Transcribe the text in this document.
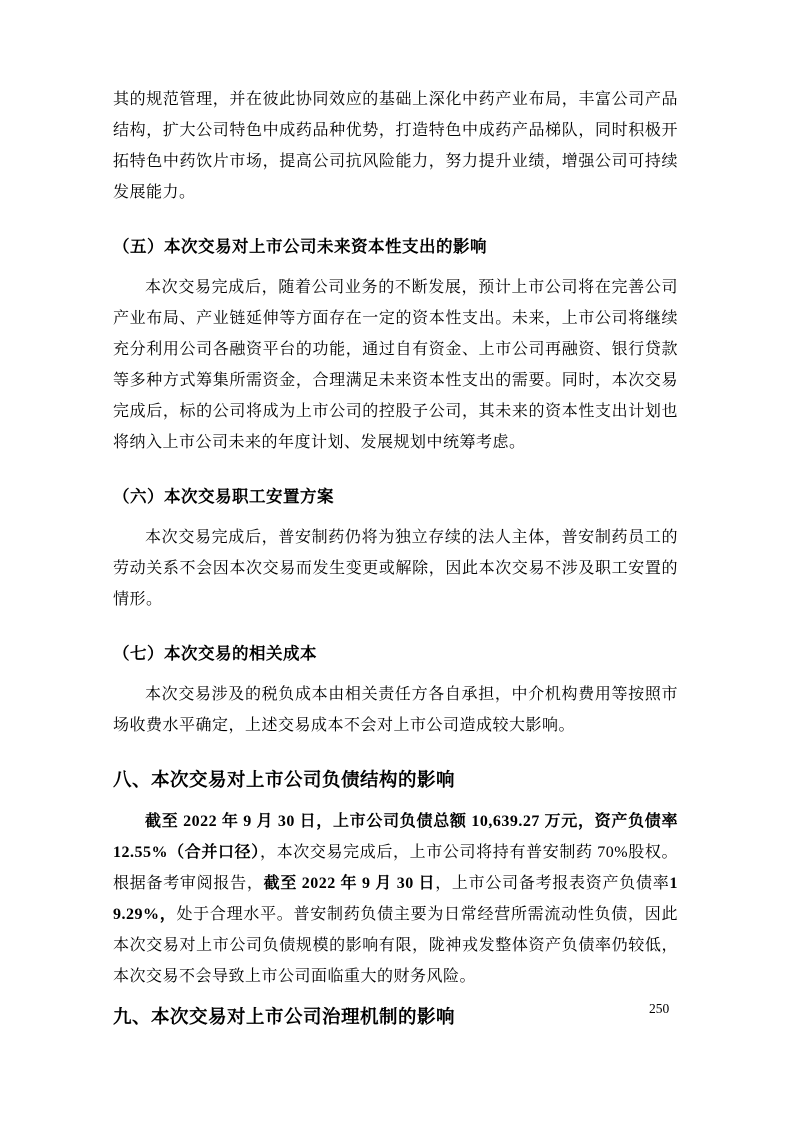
其的规范管理，并在彼此协同效应的基础上深化中药产业布局，丰富公司产品结构，扩大公司特色中成药品种优势，打造特色中成药产品梯队，同时积极开拓特色中药饮片市场，提高公司抗风险能力，努力提升业绩，增强公司可持续发展能力。

（五）本次交易对上市公司未来资本性支出的影响

本次交易完成后，随着公司业务的不断发展，预计上市公司将在完善公司产业布局、产业链延伸等方面存在一定的资本性支出。未来，上市公司将继续充分利用公司各融资平台的功能，通过自有资金、上市公司再融资、银行贷款等多种方式筹集所需资金，合理满足未来资本性支出的需要。同时，本次交易完成后，标的公司将成为上市公司的控股子公司，其未来的资本性支出计划也将纳入上市公司未来的年度计划、发展规划中统筹考虑。

（六）本次交易职工安置方案

本次交易完成后，普安制药仍将为独立存续的法人主体，普安制药员工的劳动关系不会因本次交易而发生变更或解除，因此本次交易不涉及职工安置的情形。

（七）本次交易的相关成本

本次交易涉及的税负成本由相关责任方各自承担，中介机构费用等按照市场收费水平确定，上述交易成本不会对上市公司造成较大影响。

八、本次交易对上市公司负债结构的影响

截至 2022 年 9 月 30 日，上市公司负债总额 10,639.27 万元，资产负债率 12.55%（合并口径），本次交易完成后，上市公司将持有普安制药 70%股权。根据备考审阅报告，截至 2022 年 9 月 30 日，上市公司备考报表资产负债率19.29%，处于合理水平。普安制药负债主要为日常经营所需流动性负债，因此本次交易对上市公司负债规模的影响有限，陇神戎发整体资产负债率仍较低，本次交易不会导致上市公司面临重大的财务风险。

九、本次交易对上市公司治理机制的影响	250
